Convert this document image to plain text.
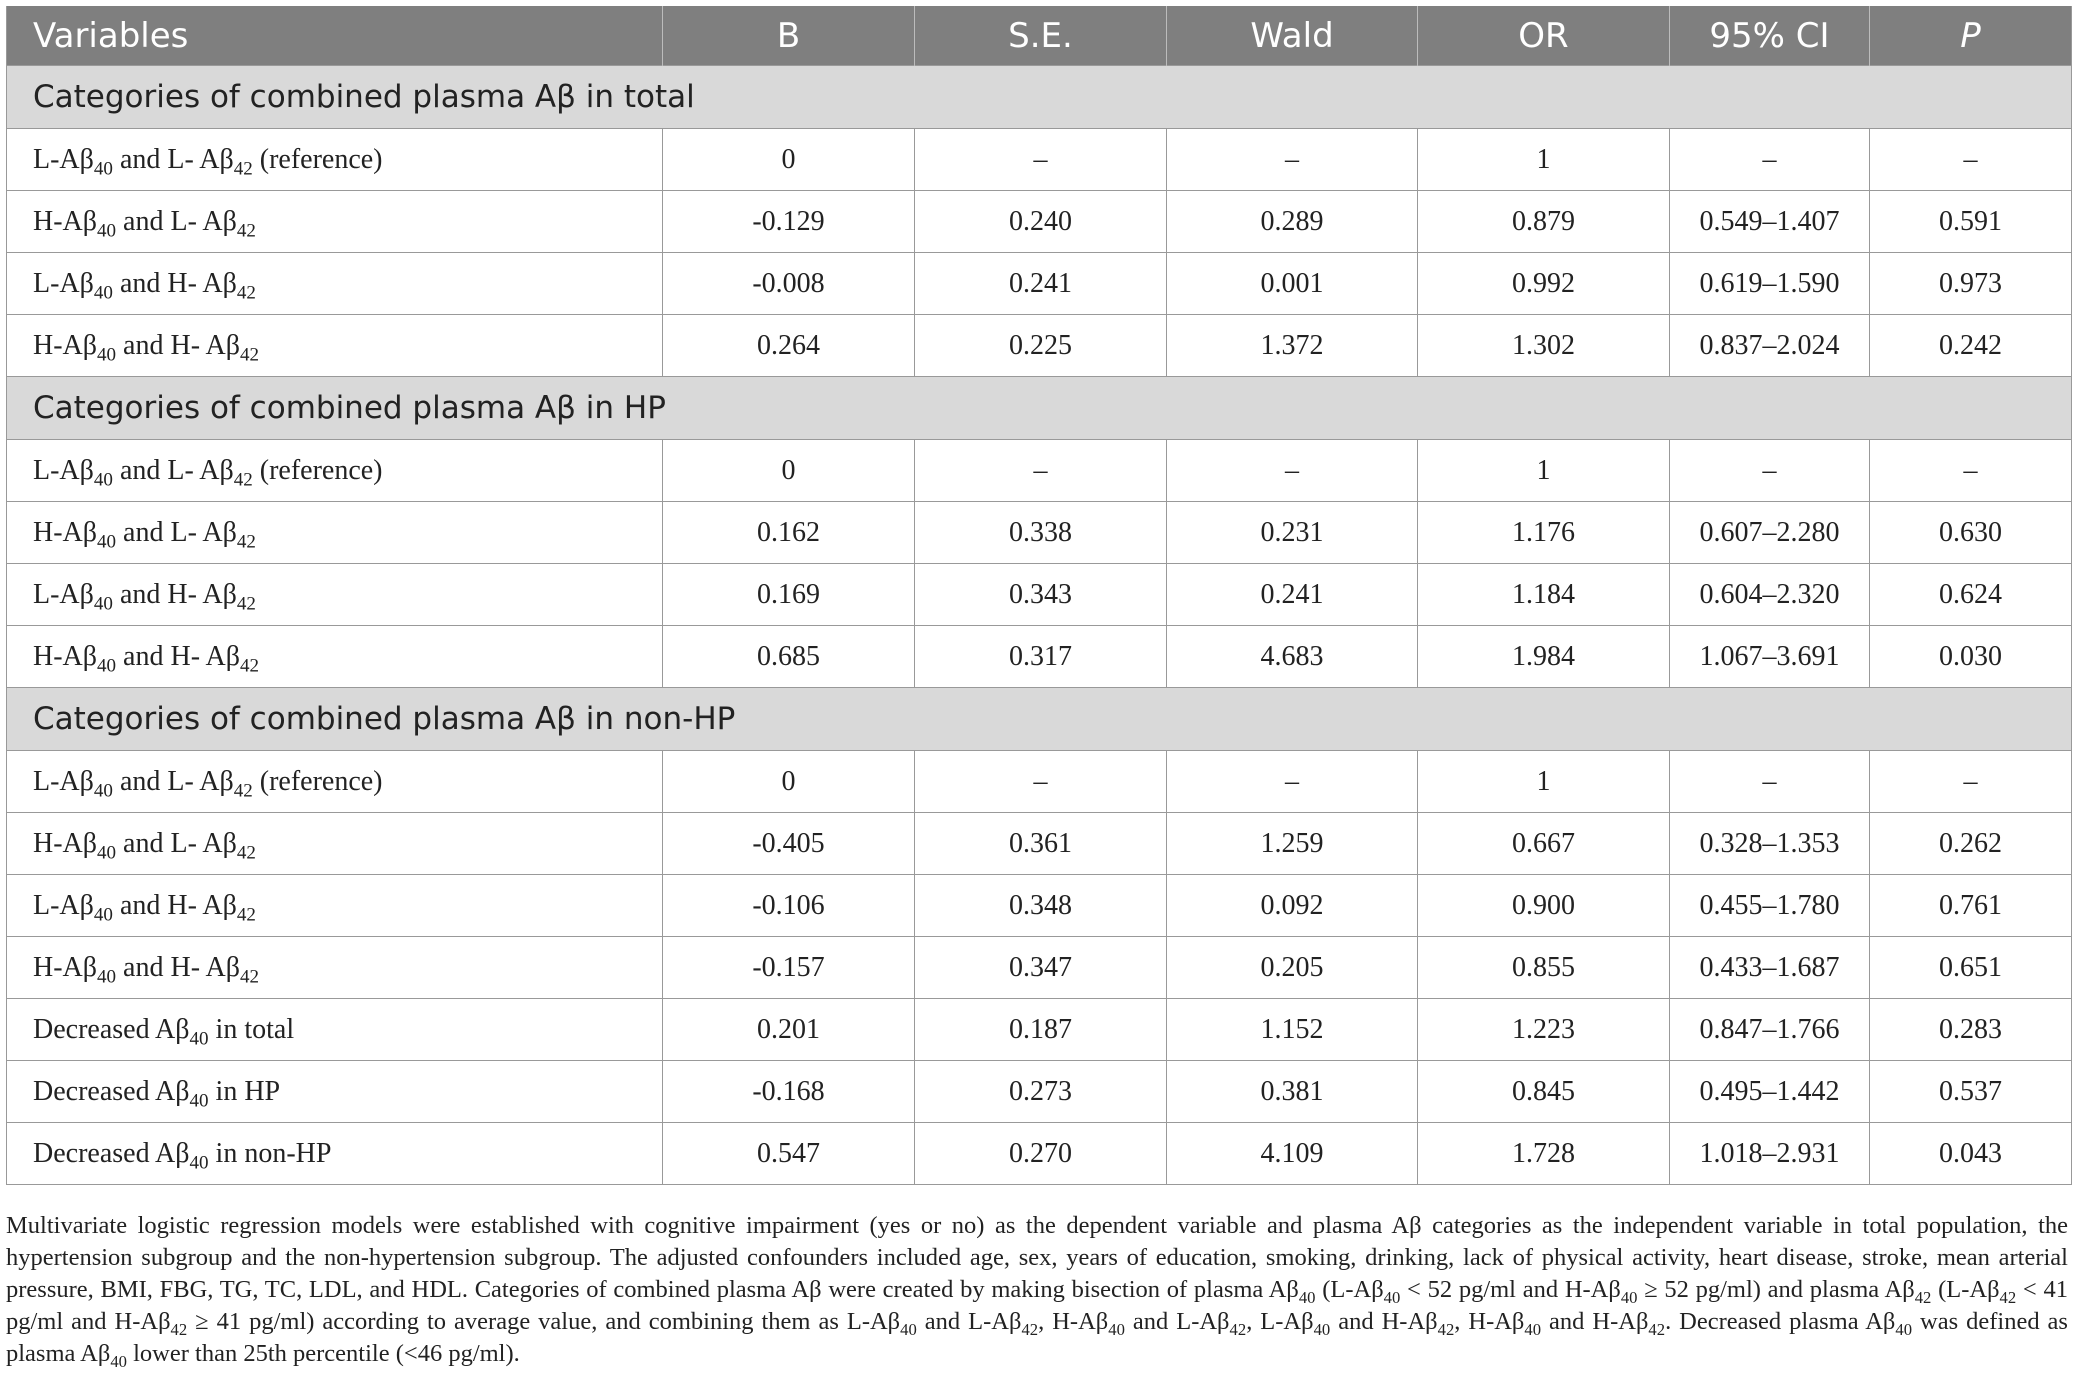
Variables	B	S.E.	Wald	OR	95% CI	P
Categories of combined plasma Aβ in total						
$L-A\beta_{40}$ and L- $A\beta_{42}$ (reference)	0	–	–	1	–	–
$H-A\beta_{40}$ and L- $A\beta_{42}$	-0.129	0.240	0.289	0.879	0.549–1.407	0.591
$L-A\beta_{40}$ and H- $A\beta_{42}$	-0.008	0.241	0.001	0.992	0.619–1.590	0.973
$H-A\beta_{40}$ and H- $A\beta_{42}$	0.264	0.225	1.372	1.302	0.837–2.024	0.242
Categories of combined plasma Aβ in HP						
$L-A\beta_{40}$ and L- $A\beta_{42}$ (reference)	0	–	–	1	–	–
$H-A\beta_{40}$ and L- $A\beta_{42}$	0.162	0.338	0.231	1.176	0.607–2.280	0.630
$L-A\beta_{40}$ and H- $A\beta_{42}$	0.169	0.343	0.241	1.184	0.604–2.320	0.624
$H-A\beta_{40}$ and H- $A\beta_{42}$	0.685	0.317	4.683	1.984	1.067–3.691	0.030
Categories of combined plasma Aβ in non-HP						
$L-A\beta_{40}$ and L- $A\beta_{42}$ (reference)	0	–	–	1	–	–
$H-A\beta_{40}$ and L- $A\beta_{42}$	-0.405	0.361	1.259	0.667	0.328–1.353	0.262
$L-A\beta_{40}$ and H- $A\beta_{42}$	-0.106	0.348	0.092	0.900	0.455–1.780	0.761
$H-A\beta_{40}$ and H- $A\beta_{42}$	-0.157	0.347	0.205	0.855	0.433–1.687	0.651
Decreased $A\beta_{40}$ in total	0.201	0.187	1.152	1.223	0.847–1.766	0.283
Decreased $A\beta_{40}$ in HP	-0.168	0.273	0.381	0.845	0.495–1.442	0.537
Decreased $A\beta_{40}$ in non-HP	0.547	0.270	4.109	1.728	1.018–2.931	0.043

Multivariate logistic regression models were established with cognitive impairment (yes or no) as the dependent variable and plasma Aβ categories as the independent variable in total population, the hypertension subgroup and the non-hypertension subgroup. The adjusted confounders included age, sex, years of education, smoking, drinking, lack of physical activity, heart disease, stroke, mean arterial pressure, BMI, FBG, TG, TC, LDL, and HDL. Categories of combined plasma Aβ were created by making bisection of plasma $A\beta_{40}$ ($L-A\beta_{40} < 52$ pg/ml and $H-A\beta_{40} \ge 52$ pg/ml) and plasma $A\beta_{42}$ ($L-A\beta_{42} < 41$ pg/ml and $H-A\beta_{42} \ge 41$ pg/ml) according to average value, and combining them as $L-A\beta_{40}$ and $L-A\beta_{42}$, $H-A\beta_{40}$ and $L-A\beta_{42}$, $L-A\beta_{40}$ and $H-A\beta_{42}$, $H-A\beta_{40}$ and $H-A\beta_{42}$. Decreased plasma $A\beta_{40}$ was defined as plasma $A\beta_{40}$ lower than 25th percentile (<46 pg/ml).
